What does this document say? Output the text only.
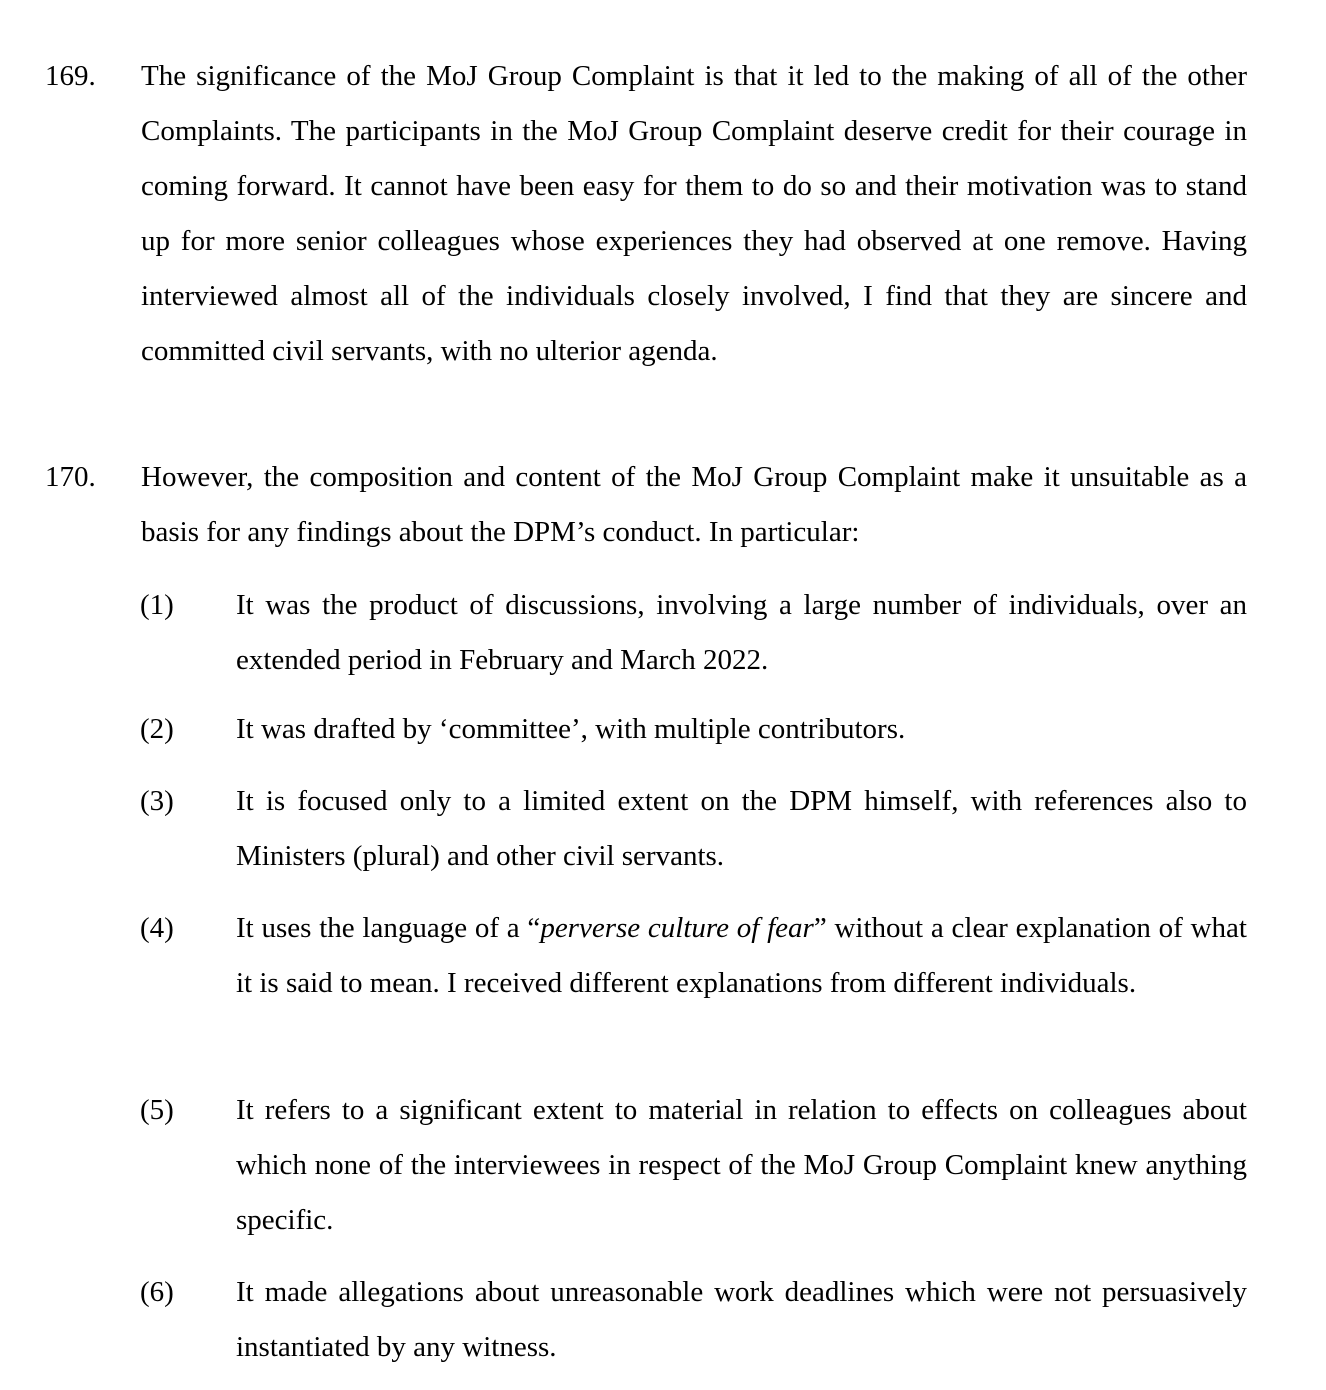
169. The significance of the MoJ Group Complaint is that it led to the making of all of the other Complaints. The participants in the MoJ Group Complaint deserve credit for their courage in coming forward. It cannot have been easy for them to do so and their motivation was to stand up for more senior colleagues whose experiences they had observed at one remove. Having interviewed almost all of the individuals closely involved, I find that they are sincere and committed civil servants, with no ulterior agenda.
170. However, the composition and content of the MoJ Group Complaint make it unsuitable as a basis for any findings about the DPM’s conduct. In particular:
(1) It was the product of discussions, involving a large number of individuals, over an extended period in February and March 2022.
(2) It was drafted by ‘committee’, with multiple contributors.
(3) It is focused only to a limited extent on the DPM himself, with references also to Ministers (plural) and other civil servants.
(4) It uses the language of a “perverse culture of fear” without a clear explanation of what it is said to mean. I received different explanations from different individuals.
(5) It refers to a significant extent to material in relation to effects on colleagues about which none of the interviewees in respect of the MoJ Group Complaint knew anything specific.
(6) It made allegations about unreasonable work deadlines which were not persuasively instantiated by any witness.
